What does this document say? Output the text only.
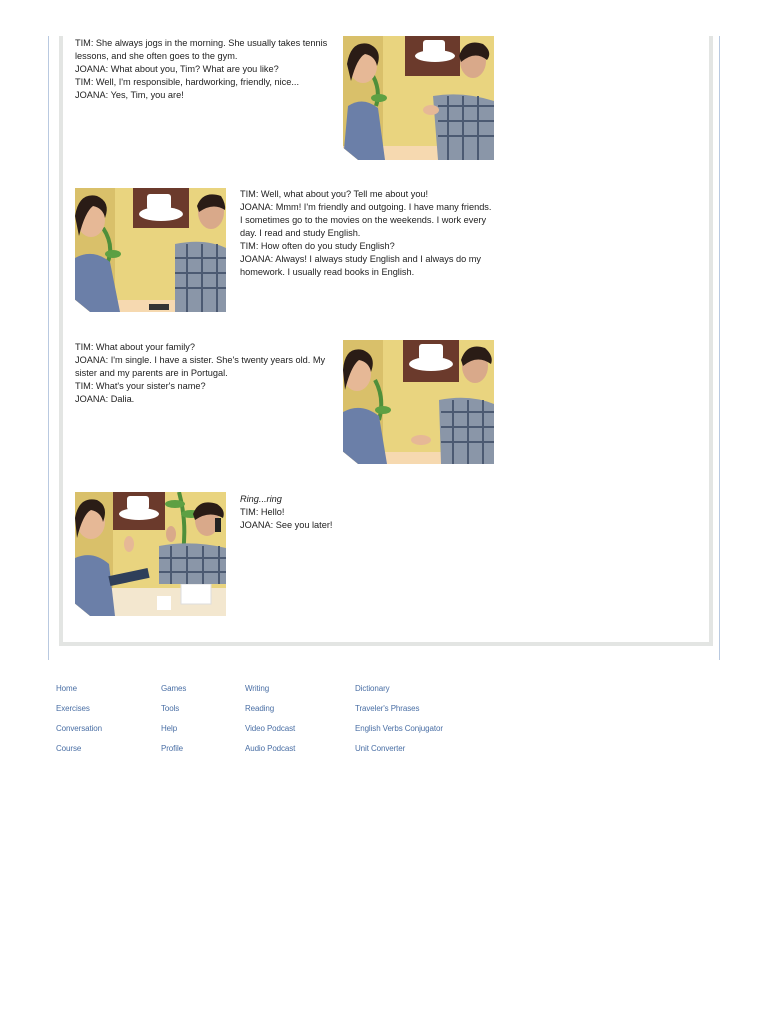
TIM: She always jogs in the morning. She usually takes tennis lessons, and she often goes to the gym.
JOANA: What about you, Tim? What are you like?
TIM: Well, I'm responsible, hardworking, friendly, nice...
JOANA: Yes, Tim, you are!
TIM: Well, what about you? Tell me about you!
JOANA: Mmm! I'm friendly and outgoing. I have many friends. I sometimes go to the movies on the weekends. I work every day. I read and study English.
TIM: How often do you study English?
JOANA: Always! I always study English and I always do my homework. I usually read books in English.
TIM: What about your family?
JOANA: I'm single. I have a sister. She's twenty years old. My sister and my parents are in Portugal.
TIM: What's your sister's name?
JOANA: Dalia.
Ring...ring
TIM: Hello!
JOANA: See you later!
Home
Exercises
Conversation
Course
Games
Tools
Help
Profile
Writing
Reading
Video Podcast
Audio Podcast
Dictionary
Traveler's Phrases
English Verbs Conjugator
Unit Converter
